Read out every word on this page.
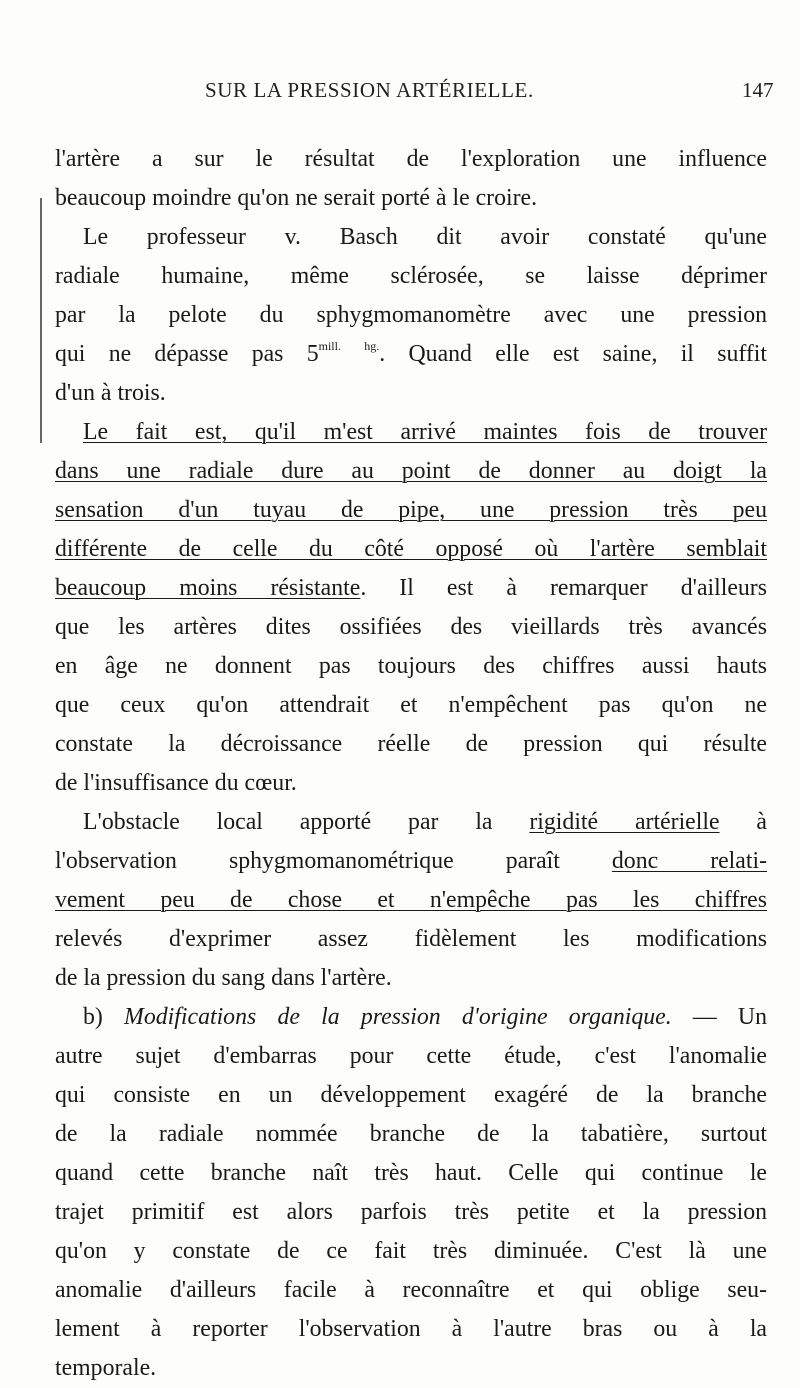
SUR LA PRESSION ARTÉRIELLE.	147
l'artère a sur le résultat de l'exploration une influence
beaucoup moindre qu'on ne serait porté à le croire.
Le professeur v. Basch dit avoir constaté qu'une
radiale humaine, même sclérosée, se laisse déprimer
par la pelote du sphygmomanomètre avec une pression
qui ne dépasse pas $5^{mill.}$ $^{hg.}$. Quand elle est saine, il suffit
d'un à trois.
Le fait est, qu'il m'est arrivé maintes fois de trouver
dans une radiale dure au point de donner au doigt la
sensation d'un tuyau de pipe, une pression très peu
différente de celle du côté opposé où l'artère semblait
beaucoup moins résistante. Il est à remarquer d'ailleurs
que les artères dites ossifiées des vieillards très avancés
en âge ne donnent pas toujours des chiffres aussi hauts
que ceux qu'on attendrait et n'empêchent pas qu'on ne
constate la décroissance réelle de pression qui résulte
de l'insuffisance du cœur.
L'obstacle local apporté par la rigidité artérielle à
l'observation sphygmomanométrique paraît donc relati-
vement peu de chose et n'empêche pas les chiffres
relevés d'exprimer assez fidèlement les modifications
de la pression du sang dans l'artère.
b) Modifications de la pression d'origine organique. — Un
autre sujet d'embarras pour cette étude, c'est l'anomalie
qui consiste en un développement exagéré de la branche
de la radiale nommée branche de la tabatière, surtout
quand cette branche naît très haut. Celle qui continue le
trajet primitif est alors parfois très petite et la pression
qu'on y constate de ce fait très diminuée. C'est là une
anomalie d'ailleurs facile à reconnaître et qui oblige seu-
lement à reporter l'observation à l'autre bras ou à la
temporale.
